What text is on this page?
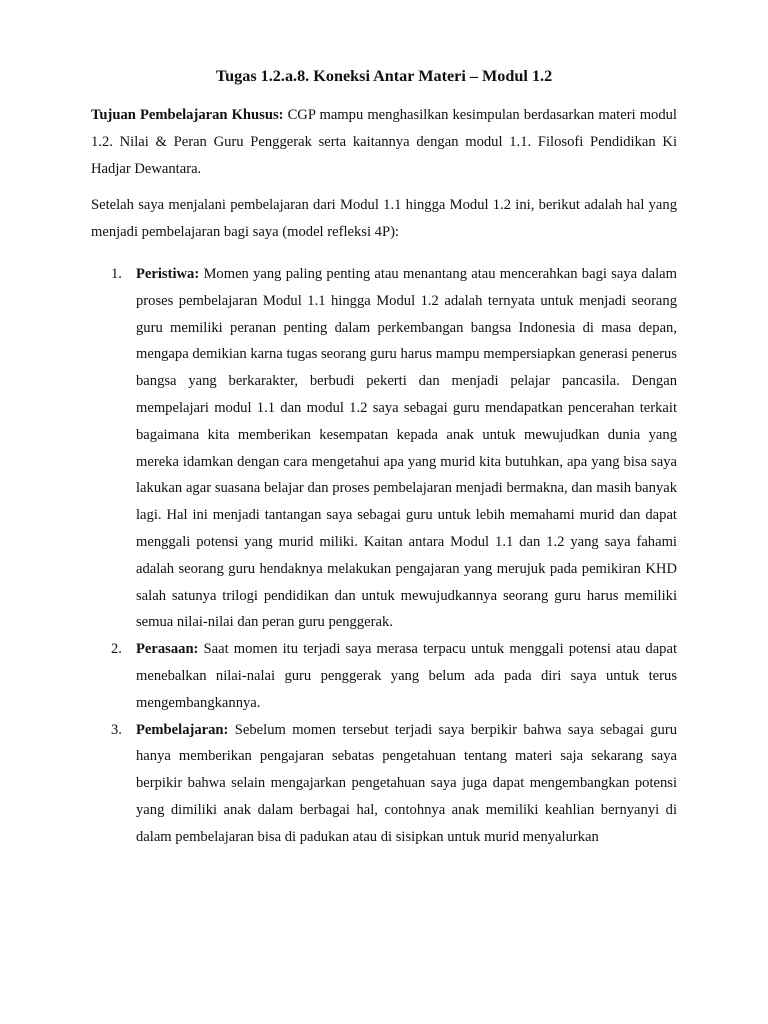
Tugas 1.2.a.8. Koneksi Antar Materi – Modul 1.2

Tujuan Pembelajaran Khusus: CGP mampu menghasilkan kesimpulan berdasarkan materi modul 1.2. Nilai & Peran Guru Penggerak serta kaitannya dengan modul 1.1. Filosofi Pendidikan Ki Hadjar Dewantara.

Setelah saya menjalani pembelajaran dari Modul 1.1 hingga Modul 1.2 ini, berikut adalah hal yang menjadi pembelajaran bagi saya (model refleksi 4P):

1. Peristiwa: Momen yang paling penting atau menantang atau mencerahkan bagi saya dalam proses pembelajaran Modul 1.1 hingga Modul 1.2 adalah ternyata untuk menjadi seorang guru memiliki peranan penting dalam perkembangan bangsa Indonesia di masa depan, mengapa demikian karna tugas seorang guru harus mampu mempersiapkan generasi penerus bangsa yang berkarakter, berbudi pekerti dan menjadi pelajar pancasila. Dengan mempelajari modul 1.1 dan modul 1.2 saya sebagai guru mendapatkan pencerahan terkait bagaimana kita memberikan kesempatan kepada anak untuk mewujudkan dunia yang mereka idamkan dengan cara mengetahui apa yang murid kita butuhkan, apa yang bisa saya lakukan agar suasana belajar dan proses pembelajaran menjadi bermakna, dan masih banyak lagi. Hal ini menjadi tantangan saya sebagai guru untuk lebih memahami murid dan dapat menggali potensi yang murid miliki. Kaitan antara Modul 1.1 dan 1.2 yang saya fahami adalah seorang guru hendaknya melakukan pengajaran yang merujuk pada pemikiran KHD salah satunya trilogi pendidikan dan untuk mewujudkannya seorang guru harus memiliki semua nilai-nilai dan peran guru penggerak.
2. Perasaan: Saat momen itu terjadi saya merasa terpacu untuk menggali potensi atau dapat menebalkan nilai-nalai guru penggerak yang belum ada pada diri saya untuk terus mengembangkannya.
3. Pembelajaran: Sebelum momen tersebut terjadi saya berpikir bahwa saya sebagai guru hanya memberikan pengajaran sebatas pengetahuan tentang materi saja sekarang saya berpikir bahwa selain mengajarkan pengetahuan saya juga dapat mengembangkan potensi yang dimiliki anak dalam berbagai hal, contohnya anak memiliki keahlian bernyanyi di dalam pembelajaran bisa di padukan atau di sisipkan untuk murid menyalurkan
